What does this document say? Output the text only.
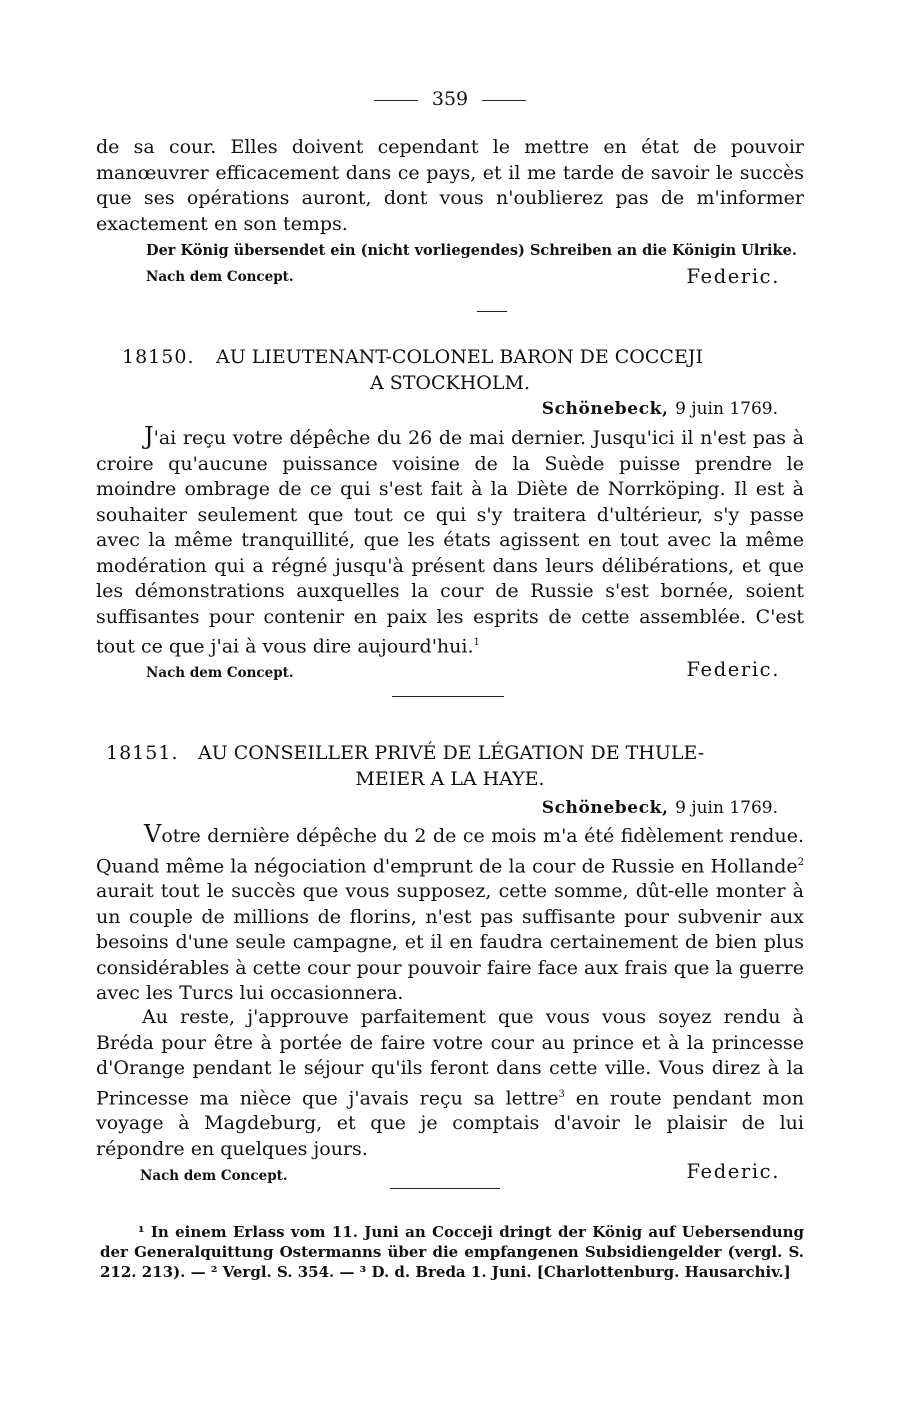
359
de sa cour. Elles doivent cependant le mettre en état de pouvoir manœuvrer efficacement dans ce pays, et il me tarde de savoir le succès que ses opérations auront, dont vous n'oublierez pas de m'informer exactement en son temps.
Der König übersendet ein (nicht vorliegendes) Schreiben an die Königin Ulrike.
Nach dem Concept.	Federic.
18150.	AU LIEUTENANT-COLONEL BARON DE COCCEJI
A STOCKHOLM.
Schönebeck, 9 juin 1769.
J'ai reçu votre dépêche du 26 de mai dernier. Jusqu'ici il n'est pas à croire qu'aucune puissance voisine de la Suède puisse prendre le moindre ombrage de ce qui s'est fait à la Diète de Norrköping. Il est à souhaiter seulement que tout ce qui s'y traitera d'ultérieur, s'y passe avec la même tranquillité, que les états agissent en tout avec la même modération qui a régné jusqu'à présent dans leurs délibérations, et que les démonstrations auxquelles la cour de Russie s'est bornée, soient suffisantes pour contenir en paix les esprits de cette assemblée. C'est tout ce que j'ai à vous dire aujourd'hui.$^1$
Nach dem Concept.	Federic.
18151.	AU CONSEILLER PRIVÉ DE LÉGATION DE THULE-
MEIER A LA HAYE.
Schönebeck, 9 juin 1769.
Votre dernière dépêche du 2 de ce mois m'a été fidèlement rendue. Quand même la négociation d'emprunt de la cour de Russie en Hollande$^2$ aurait tout le succès que vous supposez, cette somme, dût-elle monter à un couple de millions de florins, n'est pas suffisante pour subvenir aux besoins d'une seule campagne, et il en faudra certainement de bien plus considérables à cette cour pour pouvoir faire face aux frais que la guerre avec les Turcs lui occasionnera.
Au reste, j'approuve parfaitement que vous vous soyez rendu à Bréda pour être à portée de faire votre cour au prince et à la princesse d'Orange pendant le séjour qu'ils feront dans cette ville. Vous direz à la Princesse ma nièce que j'avais reçu sa lettre$^3$ en route pendant mon voyage à Magdeburg, et que je comptais d'avoir le plaisir de lui répondre en quelques jours.
Nach dem Concept.	Federic.
¹ In einem Erlass vom 11. Juni an Cocceji dringt der König auf Uebersendung der Generalquittung Ostermanns über die empfangenen Subsidiengelder (vergl. S. 212. 213). — ² Vergl. S. 354. — ³ D. d. Breda 1. Juni. [Charlottenburg. Hausarchiv.]
